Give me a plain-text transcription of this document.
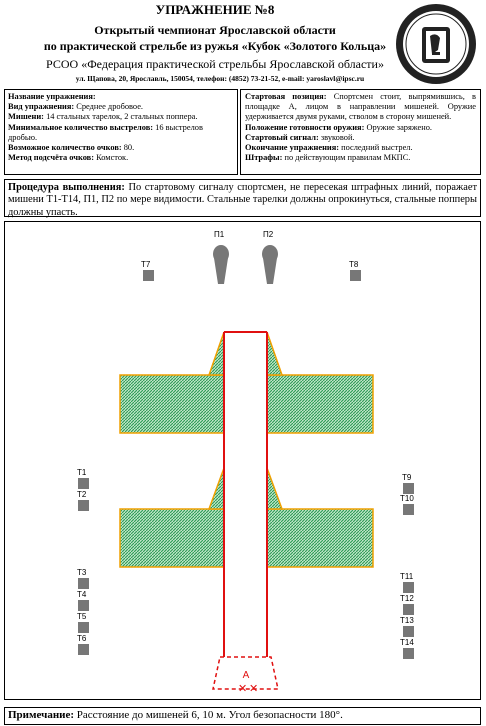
УПРАЖНЕНИЕ №8
Открытый чемпионат Ярославской области
по практической стрельбе из ружья «Кубок «Золотого Кольца»
РСОО «Федерация практической стрельбы Ярославской области»
ул. Щапова, 20, Ярославль, 150054, телефон: (4852) 73-21-52, e-mail: yaroslavl@ipsc.ru

Название упражнения:

Вид упражнения: Среднее дробовое.

Мишени: 14 стальных тарелок, 2 стальных поппера.

Минимальное количество выстрелов: 16 выстрелов дробью.

Возможное количество очков: 80.

Метод подсчёта очков: Комсток.

Стартовая позиция: Спортсмен стоит, выпрямившись, в площадке А, лицом в направлении мишеней. Оружие удерживается двумя руками, стволом в сторону мишеней.

Положение готовности оружия: Оружие заряжено.

Стартовый сигнал: звуковой.

Окончание упражнения: последний выстрел.

Штрафы: по действующим правилам МКПС.

Процедура выполнения: По стартовому сигналу спортсмен, не пересекая штрафных линий, поражает мишени Т1-Т14, П1, П2 по мере видимости. Стальные тарелки должны опрокинуться, стальные попперы должны упасть.
П1	П2
Т7	Т8
А
✕ ✕
Т1
Т2
Т3
Т4
Т5
Т6
Т9
Т10
Т11
Т12
Т13
Т14
Примечание: Расстояние до мишеней 6, 10 м. Угол безопасности 180°.
